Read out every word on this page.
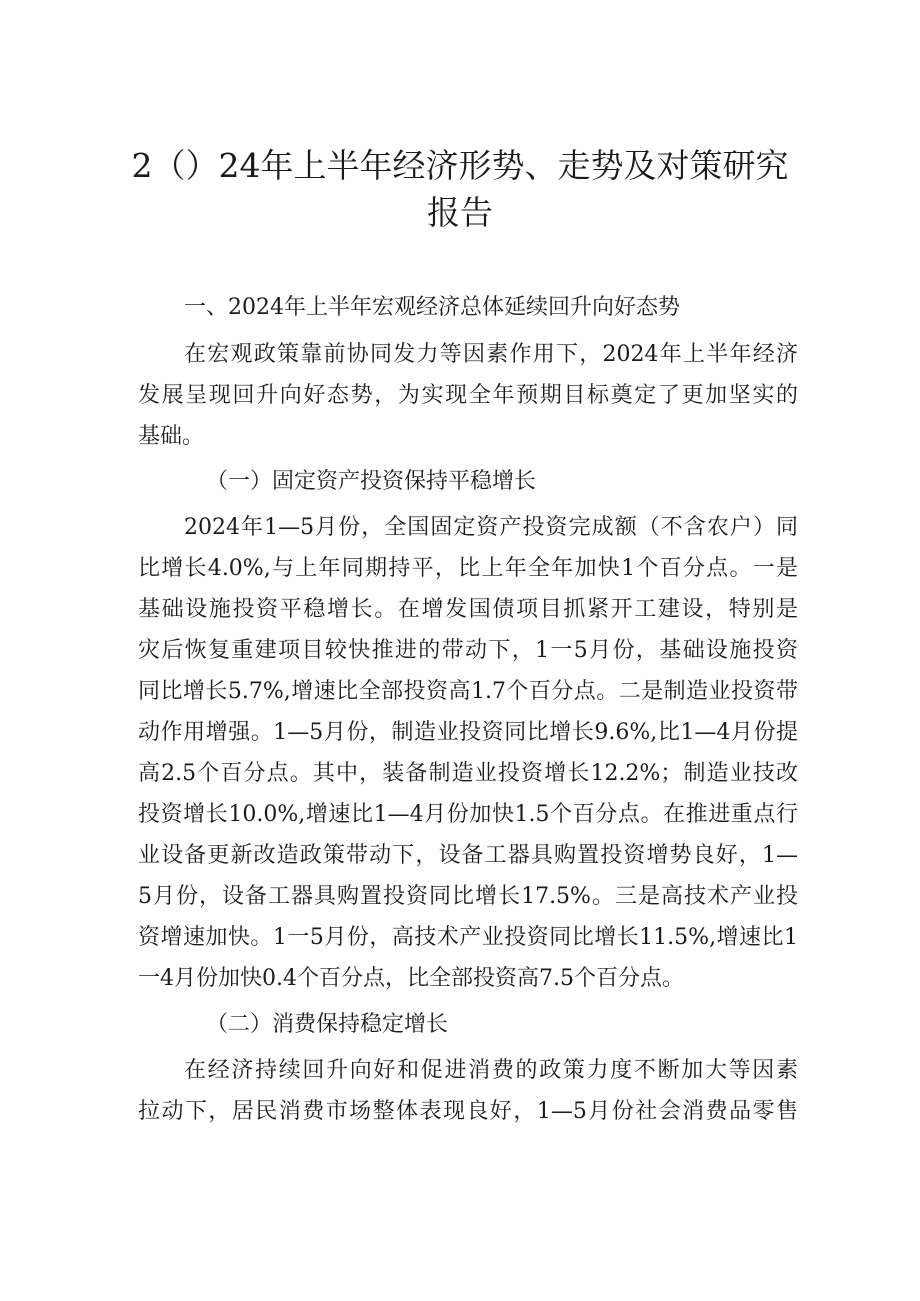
2（）24年上半年经济形势、走势及对策研究
报告

一、2024年上半年宏观经济总体延续回升向好态势

在宏观政策靠前协同发力等因素作用下，2024年上半年经济

发展呈现回升向好态势，为实现全年预期目标奠定了更加坚实的

基础。

（一）固定资产投资保持平稳增长

2024年1—5月份，全国固定资产投资完成额（不含农户）同

比增长4.0%,与上年同期持平，比上年全年加快1个百分点。一是

基础设施投资平稳增长。在增发国债项目抓紧开工建设，特别是

灾后恢复重建项目较快推进的带动下，1一5月份，基础设施投资

同比增长5.7%,增速比全部投资高1.7个百分点。二是制造业投资带

动作用增强。1—5月份，制造业投资同比增长9.6%,比1—4月份提

高2.5个百分点。其中，装备制造业投资增长12.2%；制造业技改

投资增长10.0%,增速比1—4月份加快1.5个百分点。在推进重点行

业设备更新改造政策带动下，设备工器具购置投资增势良好，1—

5月份，设备工器具购置投资同比增长17.5%。三是高技术产业投

资增速加快。1一5月份，高技术产业投资同比增长11.5%,增速比1

一4月份加快0.4个百分点，比全部投资高7.5个百分点。

（二）消费保持稳定增长

在经济持续回升向好和促进消费的政策力度不断加大等因素

拉动下，居民消费市场整体表现良好，1—5月份社会消费品零售
